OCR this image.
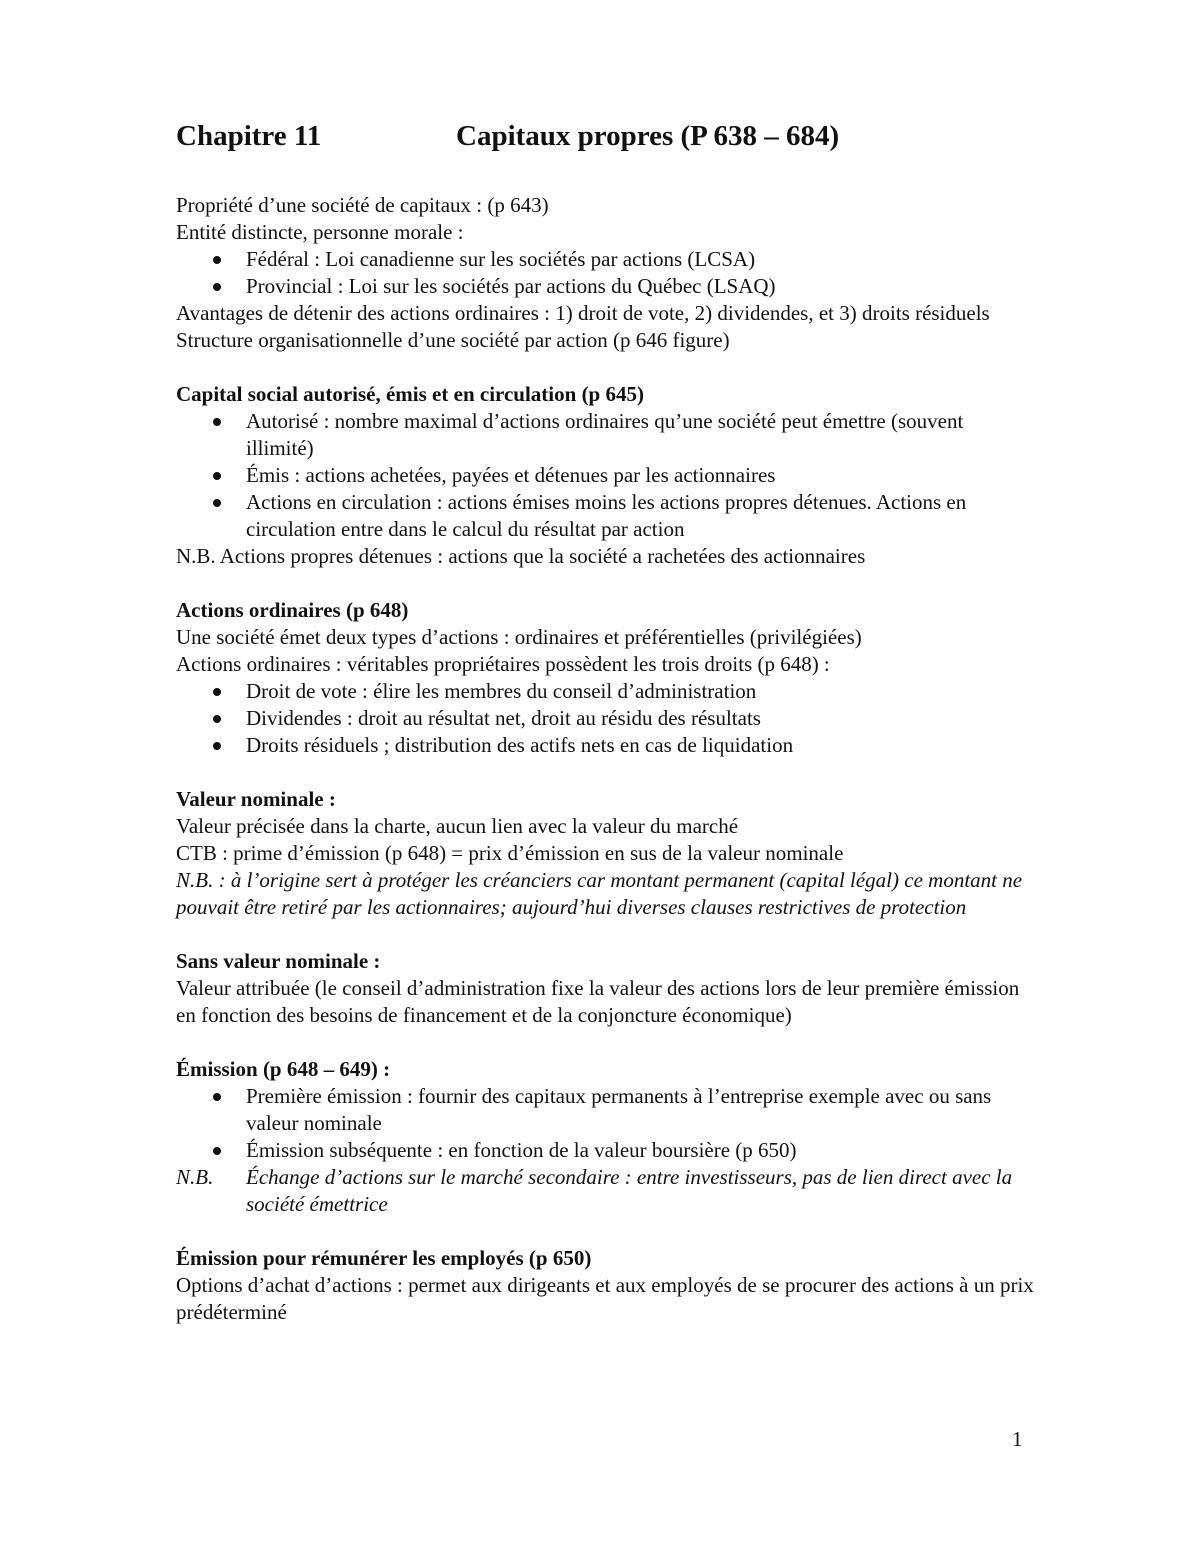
Chapitre 11	Capitaux propres (P 638 – 684)

Propriété d’une société de capitaux : (p 643)

Entité distincte, personne morale :

Fédéral : Loi canadienne sur les sociétés par actions (LCSA)
Provincial : Loi sur les sociétés par actions du Québec (LSAQ)

Avantages de détenir des actions ordinaires : 1) droit de vote, 2) dividendes, et 3) droits résiduels

Structure organisationnelle d’une société par action (p 646 figure)

Capital social autorisé, émis et en circulation (p 645)

Autorisé : nombre maximal d’actions ordinaires qu’une société peut émettre (souvent illimité)
Émis : actions achetées, payées et détenues par les actionnaires
Actions en circulation : actions émises moins les actions propres détenues. Actions en circulation entre dans le calcul du résultat par action

N.B. Actions propres détenues : actions que la société a rachetées des actionnaires

Actions ordinaires (p 648)

Une société émet deux types d’actions : ordinaires et préférentielles (privilégiées)

Actions ordinaires : véritables propriétaires possèdent les trois droits (p 648) :

Droit de vote : élire les membres du conseil d’administration
Dividendes : droit au résultat net, droit au résidu des résultats
Droits résiduels ; distribution des actifs nets en cas de liquidation

Valeur nominale :

Valeur précisée dans la charte, aucun lien avec la valeur du marché

CTB : prime d’émission (p 648) = prix d’émission en sus de la valeur nominale

N.B. : à l’origine sert à protéger les créanciers car montant permanent (capital légal) ce montant ne pouvait être retiré par les actionnaires; aujourd’hui diverses clauses restrictives de protection

Sans valeur nominale :

Valeur attribuée (le conseil d’administration fixe la valeur des actions lors de leur première émission en fonction des besoins de financement et de la conjoncture économique)

Émission (p 648 – 649) :

Première émission : fournir des capitaux permanents à l’entreprise exemple avec ou sans valeur nominale
Émission subséquente : en fonction de la valeur boursière (p 650)
N.B.	Échange d’actions sur le marché secondaire : entre investisseurs, pas de lien direct avec la société émettrice

Émission pour rémunérer les employés (p 650)

Options d’achat d’actions : permet aux dirigeants et aux employés de se procurer des actions à un prix prédéterminé

1
